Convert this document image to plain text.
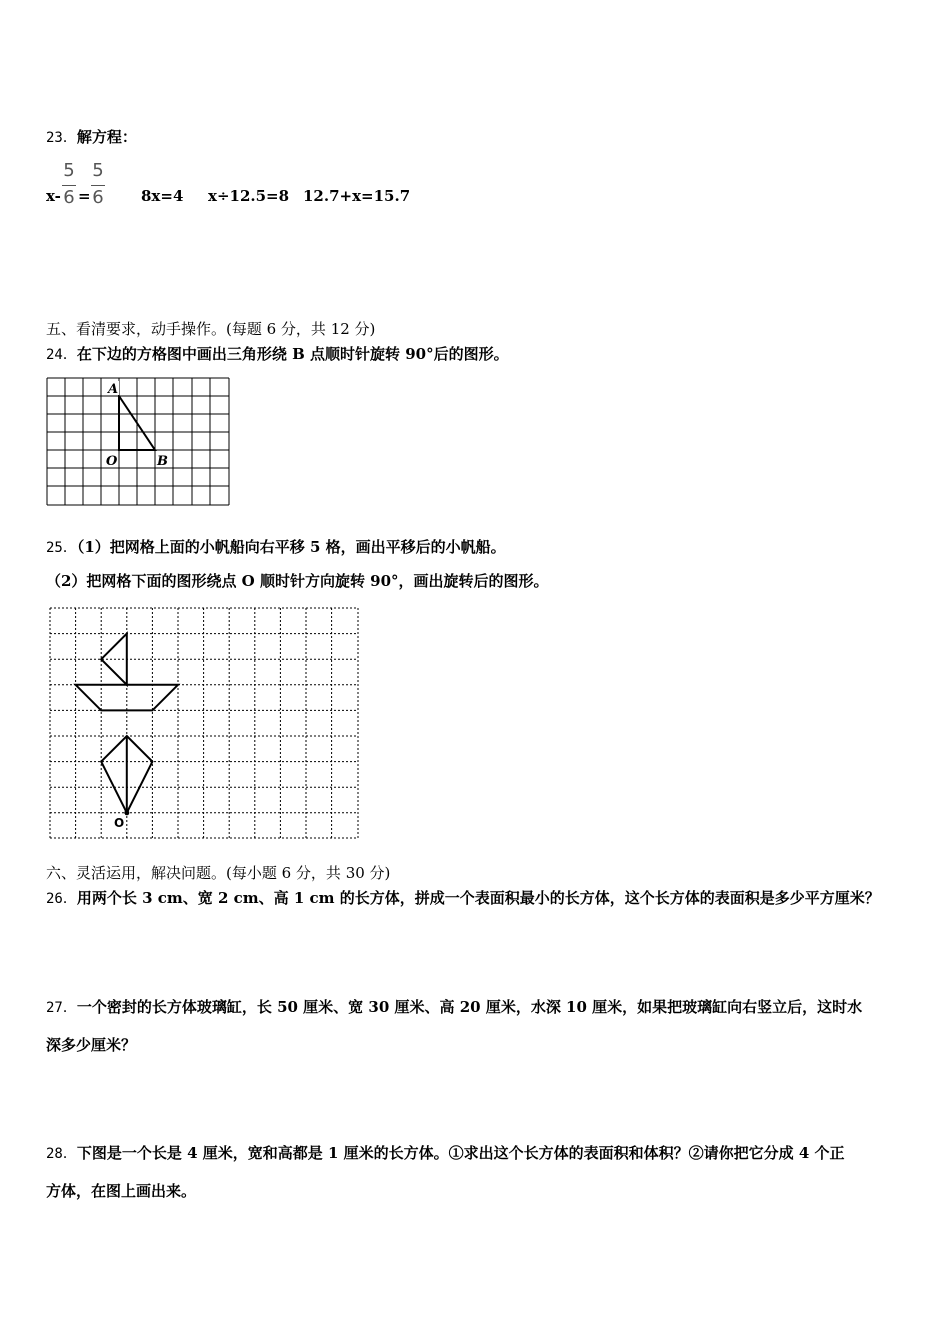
23．解方程：
x-
5
6 =
5
6 8x=4 x÷12.5=8 12.7+x=15.7
五、看清要求，动手操作。(每题 6 分，共 12 分)
24．在下边的方格图中画出三角形绕 B 点顺时针旋转 90°后的图形。
A
O	B
25．（1）把网格上面的小帆船向右平移 5 格，画出平移后的小帆船。
（2）把网格下面的图形绕点 O 顺时针方向旋转 90°，画出旋转后的图形。
O
六、灵活运用，解决问题。(每小题 6 分，共 30 分)
26．用两个长 3 cm、宽 2 cm、高 1 cm 的长方体，拼成一个表面积最小的长方体，这个长方体的表面积是多少平方厘米？
27．一个密封的长方体玻璃缸，长 50 厘米、宽 30 厘米、高 20 厘米，水深 10 厘米，如果把玻璃缸向右竖立后，这时水
深多少厘米？
28．下图是一个长是 4 厘米，宽和高都是 1 厘米的长方体。①求出这个长方体的表面积和体积？②请你把它分成 4 个正
方体，在图上画出来。
